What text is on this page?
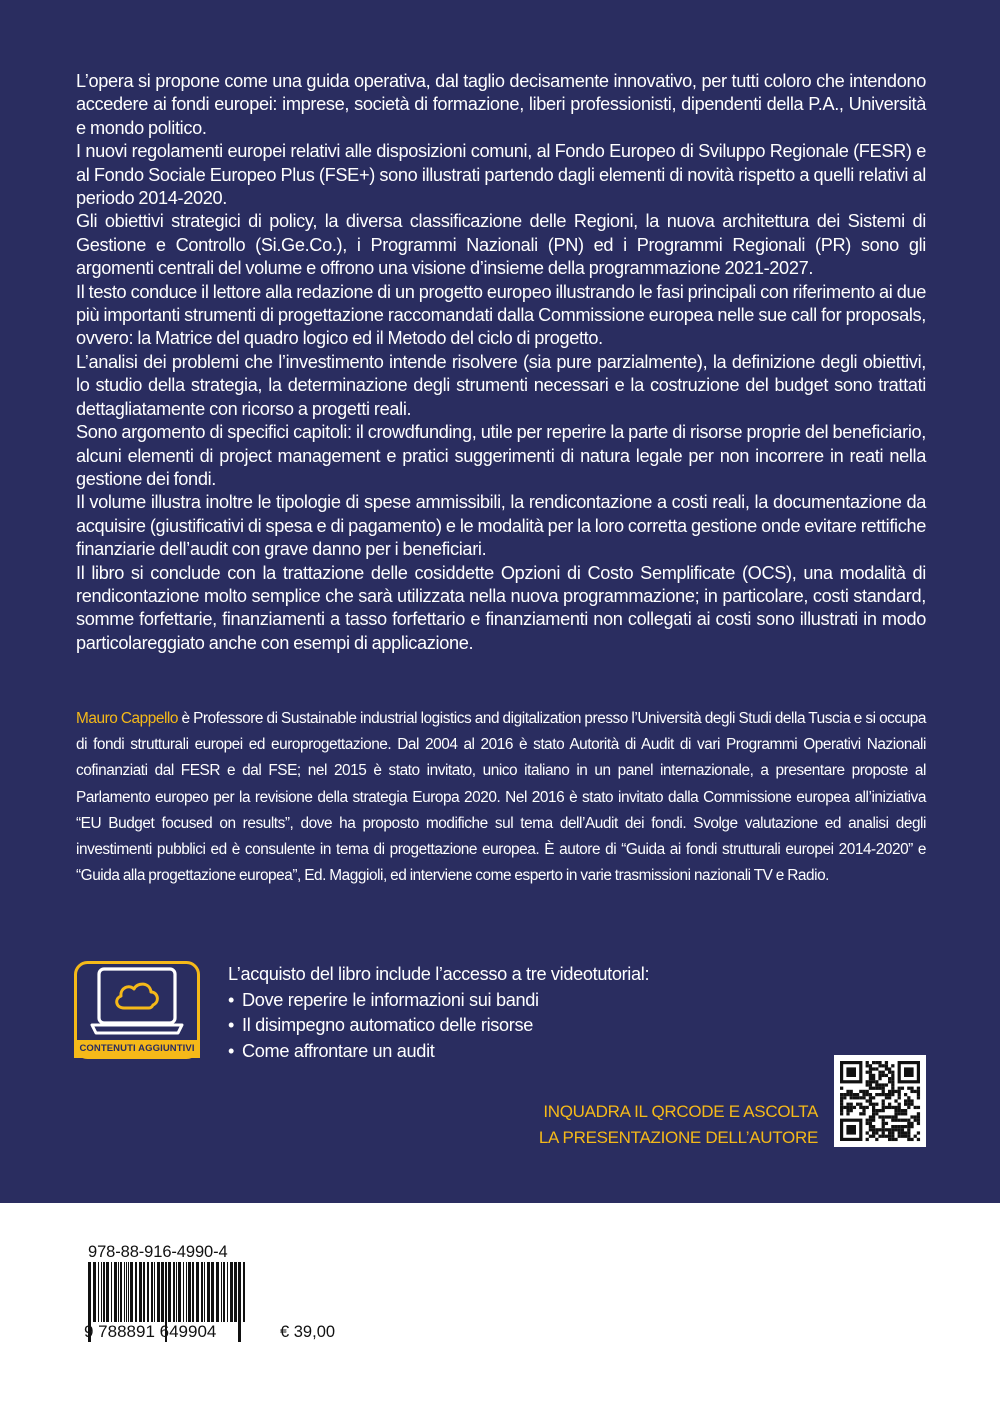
L’opera si propone come una guida operativa, dal taglio decisamente innovativo, per tutti coloro che intendono accedere ai fondi europei: imprese, società di formazione, liberi professionisti, dipendenti della P.A., Università e mondo politico.

I nuovi regolamenti europei relativi alle disposizioni comuni, al Fondo Europeo di Sviluppo Regionale (FESR) e al Fondo Sociale Europeo Plus (FSE+) sono illustrati partendo dagli elementi di novità rispetto a quelli relativi al periodo 2014-2020.

Gli obiettivi strategici di policy, la diversa classificazione delle Regioni, la nuova architettura dei Sistemi di Gestione e Controllo (Si.Ge.Co.), i Programmi Nazionali (PN) ed i Programmi Regionali (PR) sono gli argomenti centrali del volume e offrono una visione d’insieme della programmazione 2021-2027.

Il testo conduce il lettore alla redazione di un progetto europeo illustrando le fasi principali con riferimento ai due più importanti strumenti di progettazione raccomandati dalla Commissione europea nelle sue call for proposals, ovvero: la Matrice del quadro logico ed il Metodo del ciclo di progetto.

L’analisi dei problemi che l’investimento intende risolvere (sia pure parzialmente), la definizione degli obiettivi, lo studio della strategia, la determinazione degli strumenti necessari e la costruzione del budget sono trattati dettagliatamente con ricorso a progetti reali.

Sono argomento di specifici capitoli: il crowdfunding, utile per reperire la parte di risorse proprie del beneficiario, alcuni elementi di project management e pratici suggerimenti di natura legale per non incorrere in reati nella gestione dei fondi.

Il volume illustra inoltre le tipologie di spese ammissibili, la rendicontazione a costi reali, la documentazione da acquisire (giustificativi di spesa e di pagamento) e le modalità per la loro corretta gestione onde evitare rettifiche finanziarie dell’audit con grave danno per i beneficiari.

Il libro si conclude con la trattazione delle cosiddette Opzioni di Costo Semplificate (OCS), una modalità di rendicontazione molto semplice che sarà utilizzata nella nuova programmazione; in particolare, costi standard, somme forfettarie, finanziamenti a tasso forfettario e finanziamenti non collegati ai costi sono illustrati in modo particolareggiato anche con esempi di applicazione.

Mauro Cappello è Professore di Sustainable industrial logistics and digitalization presso l’Università degli Studi della Tuscia e si occupa di fondi strutturali europei ed europrogettazione. Dal 2004 al 2016 è stato Autorità di Audit di vari Programmi Operativi Nazionali cofinanziati dal FESR e dal FSE; nel 2015 è stato invitato, unico italiano in un panel internazionale, a presentare proposte al Parlamento europeo per la revisione della strategia Europa 2020. Nel 2016 è stato invitato dalla Commissione europea all’iniziativa “EU Budget focused on results”, dove ha proposto modifiche sul tema dell’Audit dei fondi. Svolge valutazione ed analisi degli investimenti pubblici ed è consulente in tema di progettazione europea. È autore di “Guida ai fondi strutturali europei 2014-2020” e “Guida alla progettazione europea”, Ed. Maggioli, ed interviene come esperto in varie trasmissioni nazionali TV e Radio.
CONTENUTI AGGIUNTIVI

L’acquisto del libro include l’accesso a tre videotutorial:

• Dove reperire le informazioni sui bandi
• Il disimpegno automatico delle risorse
• Come affrontare un audit
INQUADRA IL QRCODE E ASCOLTA
LA PRESENTAZIONE DELL’AUTORE
978-88-916-4990-4
9 788891 649904	€ 39,00
